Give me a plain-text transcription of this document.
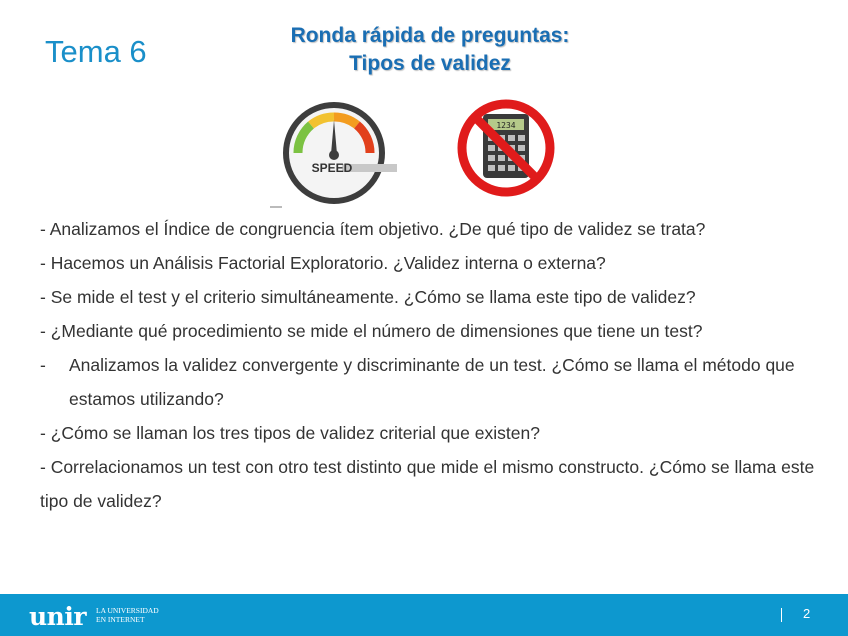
Tema 6	Ronda rápida de preguntas:
Tipos de validez
SPEED
1234
- Analizamos el Índice de congruencia ítem objetivo. ¿De qué tipo de validez se trata?
- Hacemos un Análisis Factorial Exploratorio. ¿Validez interna o externa?
- Se mide el test y el criterio simultáneamente. ¿Cómo se llama este tipo de validez?
- ¿Mediante qué procedimiento se mide el número de dimensiones que tiene un test?
-	Analizamos la validez convergente y discriminante de un test. ¿Cómo se llama el método que estamos utilizando?
- ¿Cómo se llaman los tres tipos de validez criterial que existen?
- Correlacionamos un test con otro test distinto que mide el mismo constructo. ¿Cómo se llama este tipo de validez?
unir LA UNIVERSIDAD
EN INTERNET	2
